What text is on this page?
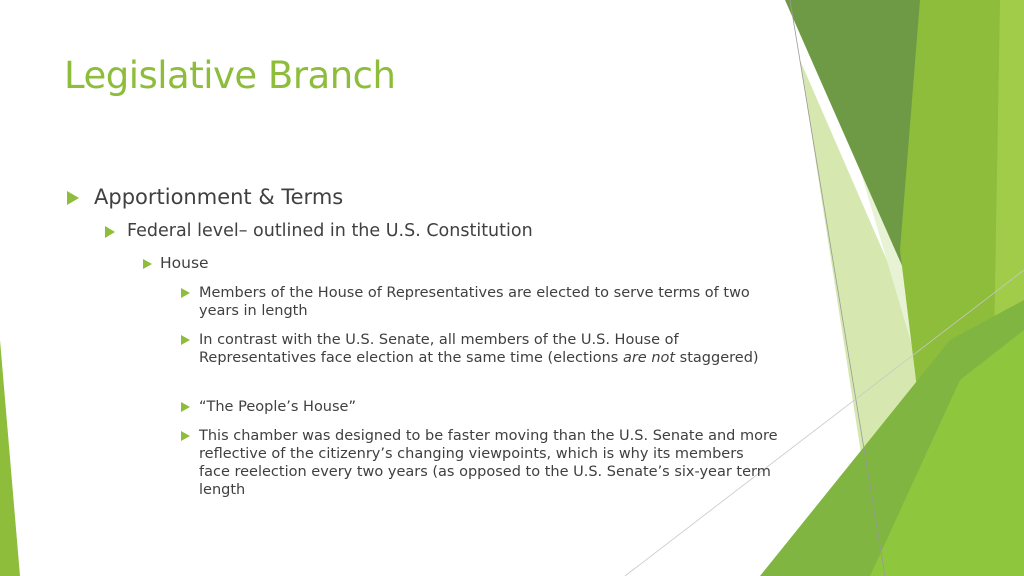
Legislative Branch
Apportionment & Terms
Federal level– outlined in the U.S. Constitution
House
Members of the House of Representatives are elected to serve terms of two years in length
In contrast with the U.S. Senate, all members of the U.S. House of Representatives face election at the same time (elections are not staggered)
“The People’s House”
This chamber was designed to be faster moving than the U.S. Senate and more reflective of the citizenry’s changing viewpoints, which is why its members face reelection every two years (as opposed to the U.S. Senate’s six-year term length
